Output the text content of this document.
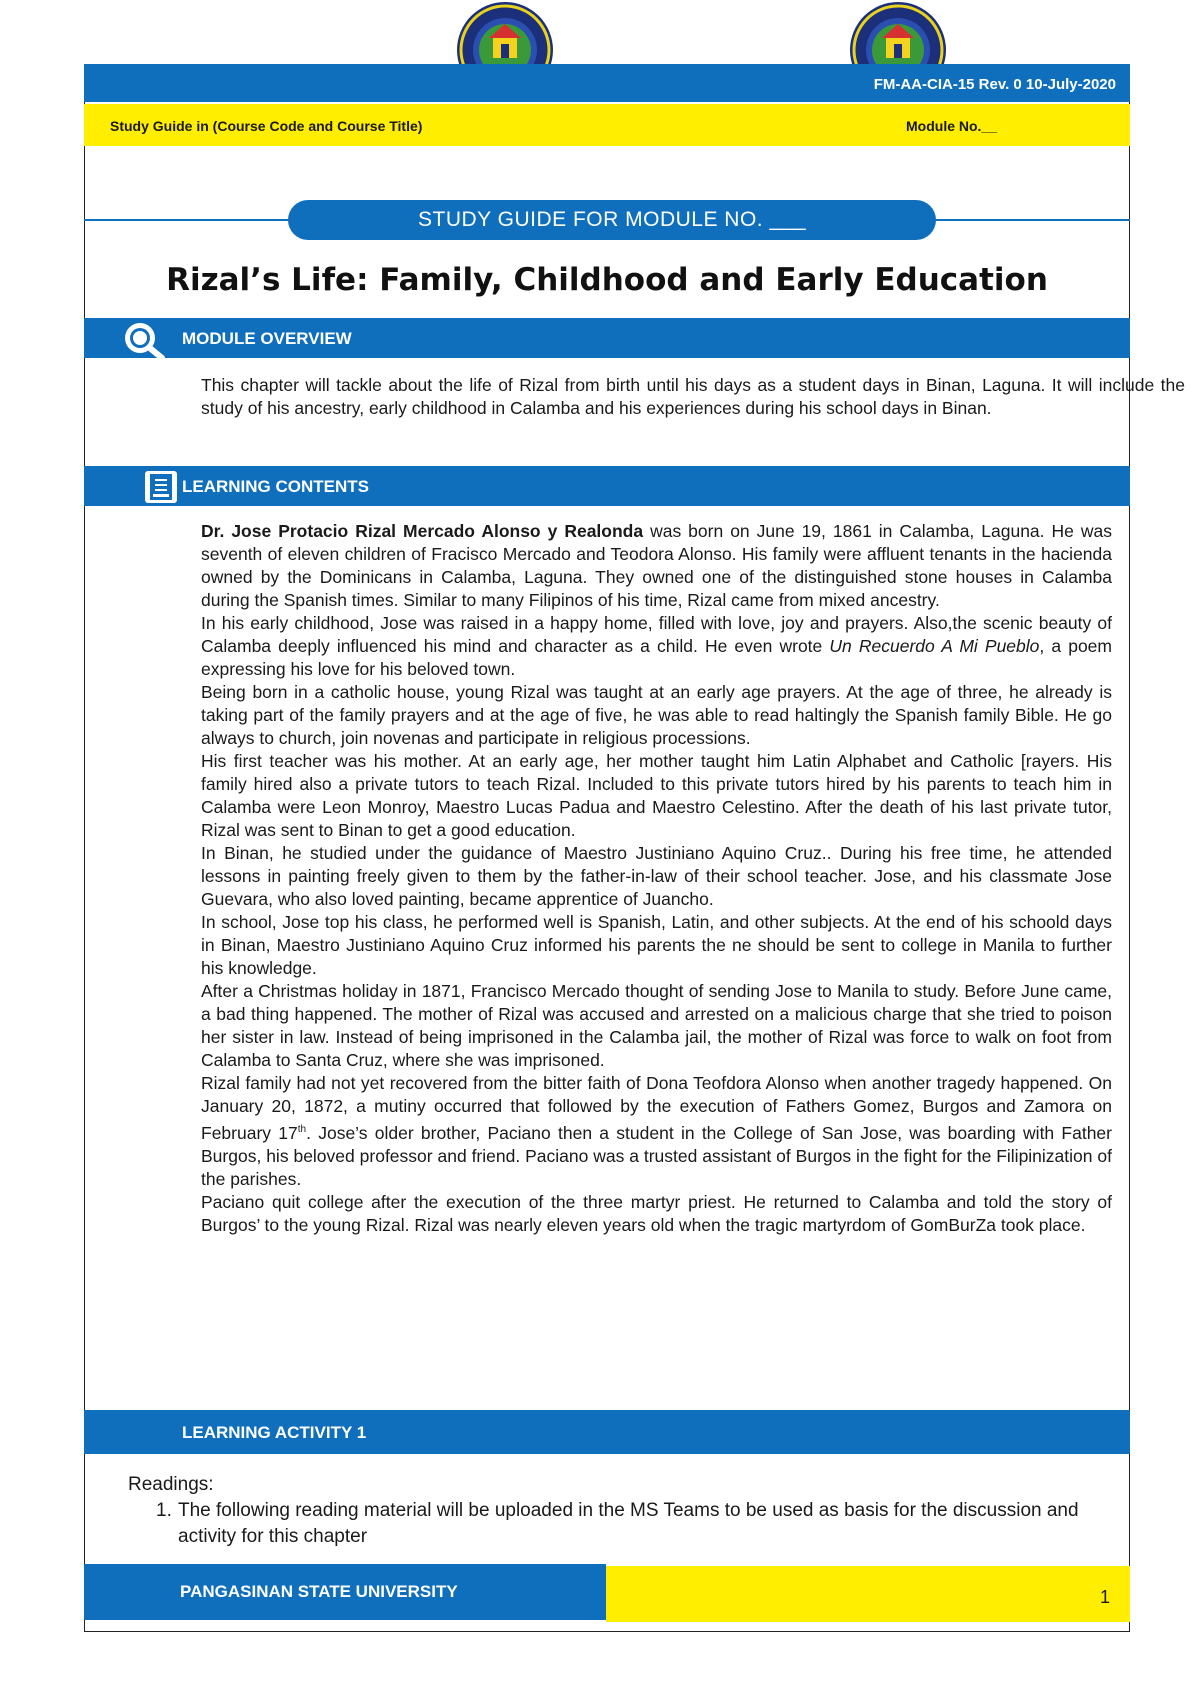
FM-AA-CIA-15 Rev. 0 10-July-2020
Study Guide in (Course Code and Course Title)	Module No.__
STUDY GUIDE FOR MODULE NO. ___
Rizal’s Life: Family, Childhood and Early Education
MODULE OVERVIEW
This chapter will tackle about the life of Rizal from birth until his days as a student days in Binan, Laguna. It will include the study of his ancestry, early childhood in Calamba and his experiences during his school days in Binan.
LEARNING CONTENTS
Dr. Jose Protacio Rizal Mercado Alonso y Realonda was born on June 19, 1861 in Calamba, Laguna. He was seventh of eleven children of Fracisco Mercado and Teodora Alonso. His family were affluent tenants in the hacienda owned by the Dominicans in Calamba, Laguna. They owned one of the distinguished stone houses in Calamba during the Spanish times. Similar to many Filipinos of his time, Rizal came from mixed ancestry.
In his early childhood, Jose was raised in a happy home, filled with love, joy and prayers. Also,the scenic beauty of Calamba deeply influenced his mind and character as a child. He even wrote Un Recuerdo A Mi Pueblo, a poem expressing his love for his beloved town.
Being born in a catholic house, young Rizal was taught at an early age prayers. At the age of three, he already is taking part of the family prayers and at the age of five, he was able to read haltingly the Spanish family Bible. He go always to church, join novenas and participate in religious processions.
His first teacher was his mother. At an early age, her mother taught him Latin Alphabet and Catholic [rayers. His family hired also a private tutors to teach Rizal. Included to this private tutors hired by his parents to teach him in Calamba were Leon Monroy, Maestro Lucas Padua and Maestro Celestino. After the death of his last private tutor, Rizal was sent to Binan to get a good education.
In Binan, he studied under the guidance of Maestro Justiniano Aquino Cruz.. During his free time, he attended lessons in painting freely given to them by the father-in-law of their school teacher. Jose, and his classmate Jose Guevara, who also loved painting, became apprentice of Juancho.
In school, Jose top his class, he performed well is Spanish, Latin, and other subjects. At the end of his schoold days in Binan, Maestro Justiniano Aquino Cruz informed his parents the ne should be sent to college in Manila to further his knowledge.
After a Christmas holiday in 1871, Francisco Mercado thought of sending Jose to Manila to study. Before June came, a bad thing happened. The mother of Rizal was accused and arrested on a malicious charge that she tried to poison her sister in law. Instead of being imprisoned in the Calamba jail, the mother of Rizal was force to walk on foot from Calamba to Santa Cruz, where she was imprisoned.
Rizal family had not yet recovered from the bitter faith of Dona Teofdora Alonso when another tragedy happened. On January 20, 1872, a mutiny occurred that followed by the execution of Fathers Gomez, Burgos and Zamora on February 17th. Jose’s older brother, Paciano then a student in the College of San Jose, was boarding with Father Burgos, his beloved professor and friend. Paciano was a trusted assistant of Burgos in the fight for the Filipinization of the parishes.
Paciano quit college after the execution of the three martyr priest. He returned to Calamba and told the story of Burgos’ to the young Rizal. Rizal was nearly eleven years old when the tragic martyrdom of GomBurZa took place.
LEARNING ACTIVITY 1
Readings:
1. The following reading material will be uploaded in the MS Teams to be used as basis for the discussion and activity for this chapter
PANGASINAN STATE UNIVERSITY	1
